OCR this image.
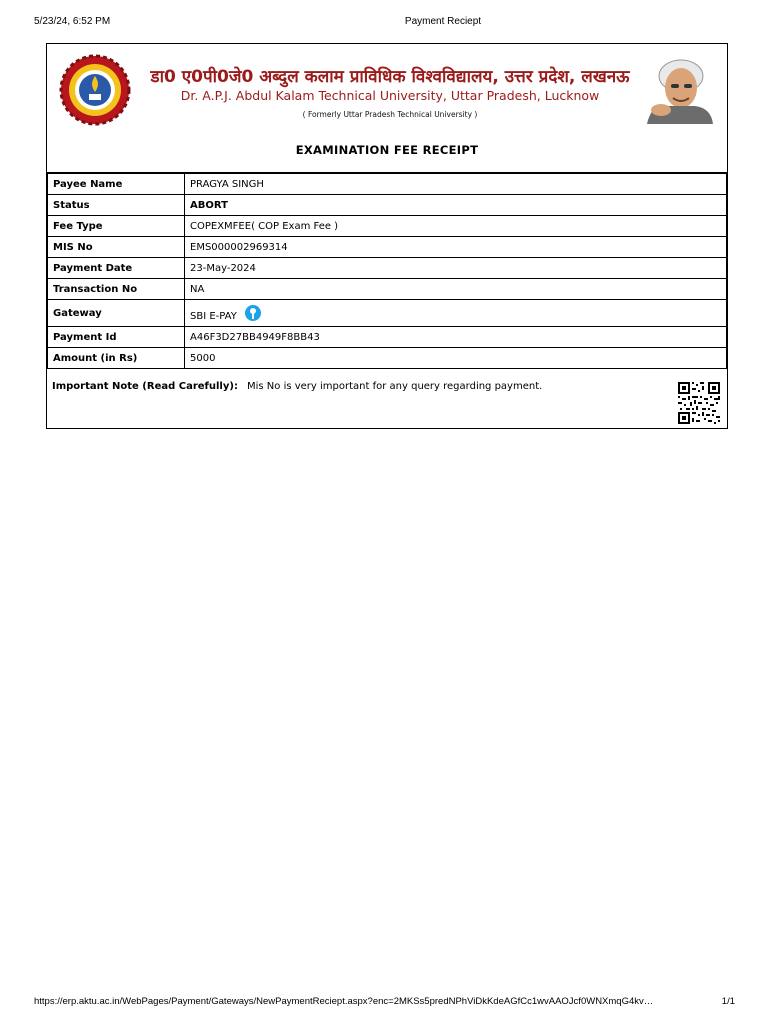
5/23/24, 6:52 PM	Payment Reciept
डा0 ए0पी0जे0 अब्दुल कलाम प्राविधिक विश्वविद्यालय, उत्तर प्रदेश, लखनऊ
Dr. A.P.J. Abdul Kalam Technical University, Uttar Pradesh, Lucknow
( Formerly Uttar Pradesh Technical University )
EXAMINATION FEE RECEIPT
Payee Name	PRAGYA SINGH
Status	ABORT
Fee Type	COPEXMFEE( COP Exam Fee )
MIS No	EMS000002969314
Payment Date	23-May-2024
Transaction No	NA
Gateway	SBI E-PAY
Payment Id	A46F3D27BB4949F8BB43
Amount (in Rs)	5000
Important Note (Read Carefully): Mis No is very important for any query regarding payment.
https://erp.aktu.ac.in/WebPages/Payment/Gateways/NewPaymentReciept.aspx?enc=2MKSs5predNPhViDkKdeAGfCc1wvAAOJcf0WNXmqG4kv…	1/1
